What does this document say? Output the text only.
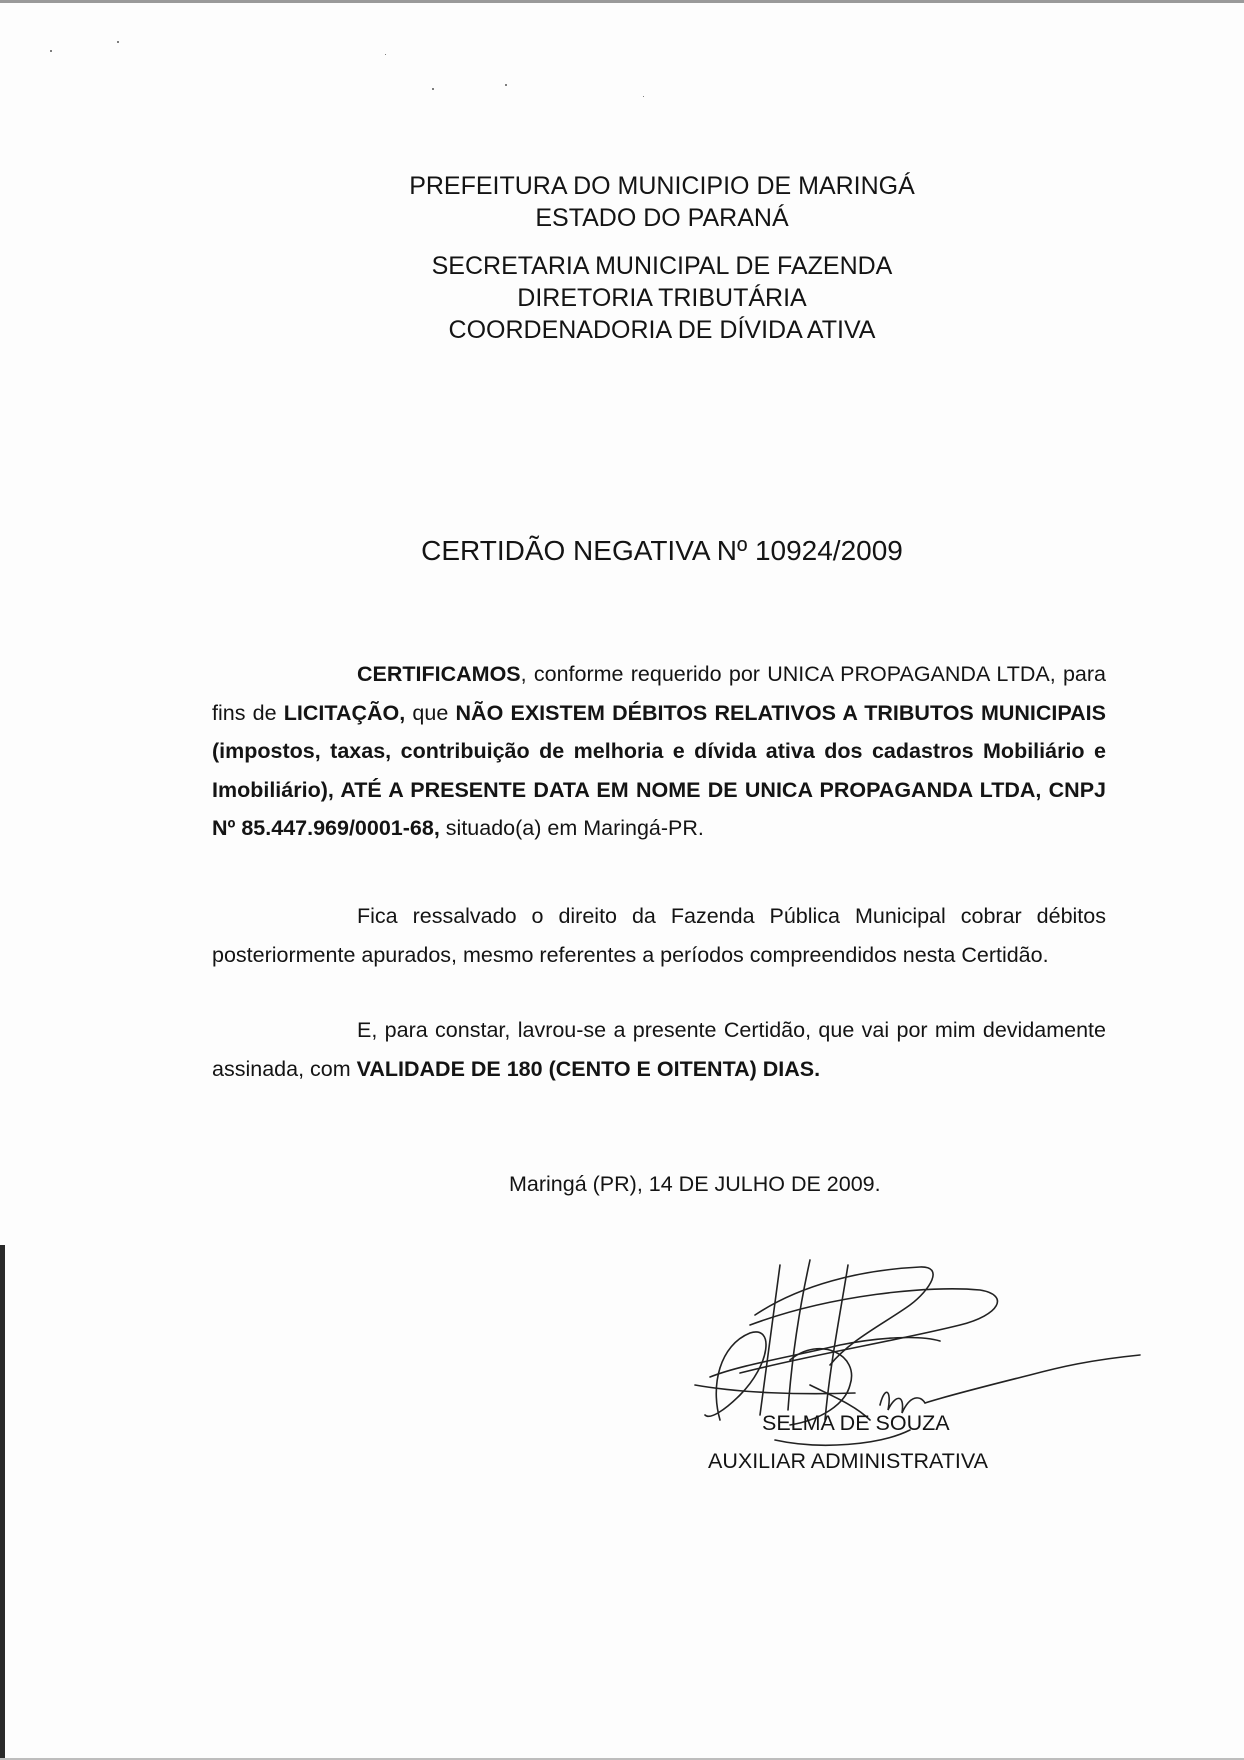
PREFEITURA DO MUNICIPIO DE MARINGÁ
ESTADO DO PARANÁ
SECRETARIA MUNICIPAL DE FAZENDA
DIRETORIA TRIBUTÁRIA
COORDENADORIA DE DÍVIDA ATIVA
CERTIDÃO NEGATIVA Nº 10924/2009

CERTIFICAMOS, conforme requerido por UNICA PROPAGANDA LTDA, para fins de LICITAÇÃO, que NÃO EXISTEM DÉBITOS RELATIVOS A TRIBUTOS MUNICIPAIS (impostos, taxas, contribuição de melhoria e dívida ativa dos cadastros Mobiliário e Imobiliário), ATÉ A PRESENTE DATA EM NOME DE UNICA PROPAGANDA LTDA, CNPJ Nº 85.447.969/0001-68, situado(a) em Maringá-PR.

Fica ressalvado o direito da Fazenda Pública Municipal cobrar débitos posteriormente apurados, mesmo referentes a períodos compreendidos nesta Certidão.

E, para constar, lavrou-se a presente Certidão, que vai por mim devidamente assinada, com VALIDADE DE 180 (CENTO E OITENTA) DIAS.

Maringá (PR), 14 DE JULHO DE 2009.
SELMA DE SOUZA
AUXILIAR ADMINISTRATIVA
